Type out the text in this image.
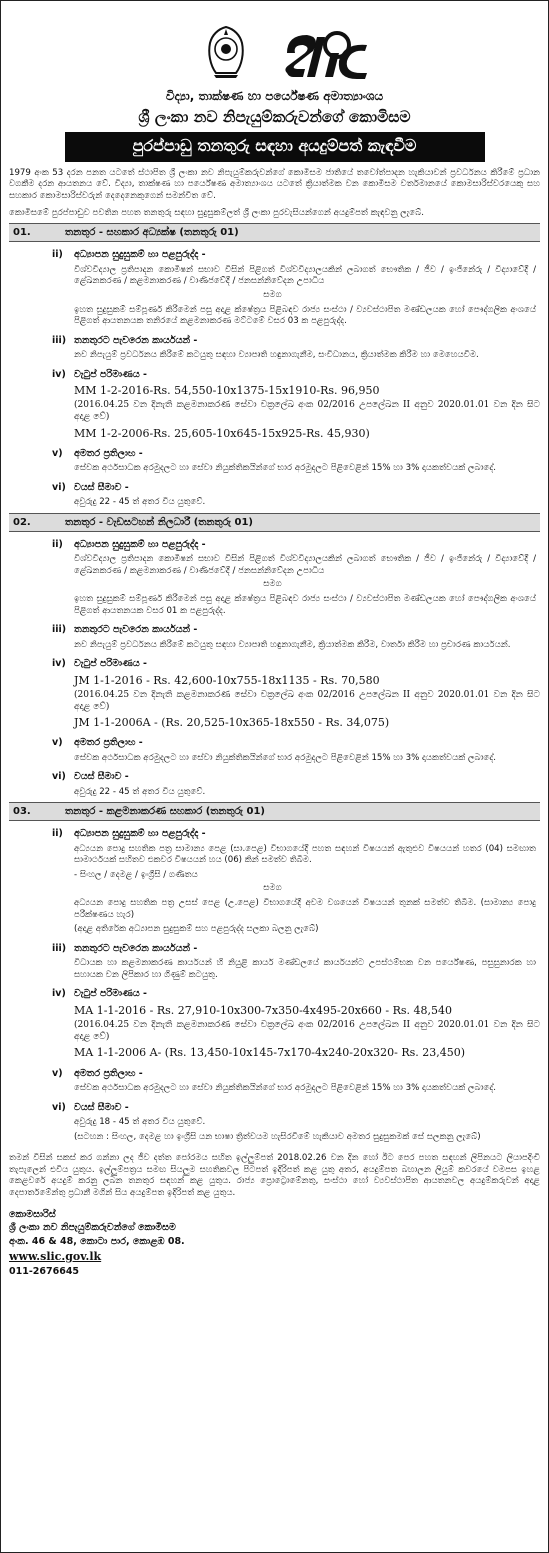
විද්‍යා, තාක්ෂණ හා පර්යේෂණ අමාත්‍යාංශය
ශ්‍රී ලංකා නව නිපැයුම්කරුවන්ගේ කොමිසම
පුරප්පාඩු තනතුරු සඳහා අයදුම්පත් කැඳවීම
1979 අංක 53 දරන පනත යටතේ ස්ථාපිත ශ්‍රී ලංකා නව නිපැයුම්කරුවන්ගේ කොමිසම ජාතියේ තවෝත්පාදන හැකියාවන් ප්‍රවර්ධනය කිරීමේ ප්‍රධාන වගකීම දරන ආයතනය වේ. විද්‍යා, තාක්ෂණ හා පර්යේෂණ අමාත්‍යාංශය යටතේ ක්‍රියාත්මක වන කොමිසම වර්තමානයේ කොමසාරිස්වරයෙකු සහ සහකාර කොමසාරිස්වරුන් දෙදෙනෙකුගෙන් සමන්විත වේ.
කොමිසමේ පුරප්පාඩුව පවතින පහත තනතුරු සඳහා සුදුසුකම්ලත් ශ්‍රී ලංකා පුරවැසියන්ගෙන් අයදුම්පත් කැඳවනු ලැබේ.
01.	තනතුර - සහකාර අධ්‍යක්ෂ (තනතුරු 01)
ii)	අධ්‍යාපන සුදුසුකම් හා පළපුරුද්ද -
විශ්වවිද්‍යාල ප්‍රතිපාදන කොමිෂන් සභාව විසින් පිළිගත් විශ්වවිද්‍යාලයකින් ලබාගත් භෞතික / ජීව / ඉංජිනේරු / විද්‍යාවේදී / ළේඛනකරණ / කළමනාකරණ / වාණිජවේදී / ජනසන්නිවේදන උපාධිය
සමග
ඉහත සුදුසුකම් සම්පූර්ණ කිරීමෙන් පසු අදාළ ක්ෂේත්‍රය පිළිබඳව රාජ්‍ය සංස්ථා / ව්‍යවස්ථාපිත මණ්ඩලයක හෝ පෞද්ගලික අංශයේ පිළිගත් ආයතනයක තනිරයේ කළමනාකරණ මට්ටමේ වසර 03 ක පළපුරුද්ද.
iii) තනතුරට පැවරෙන කාර්යයන් -
නව නිපැයුම් ප්‍රවර්ධනය කිරීමේ කටයුතු සඳහා ව්‍යාපෘති හඳුනාගැනීම, සංවිධානය, ක්‍රියාත්මක කිරීම හා මෙහෙයවීම.
iv) වැටුප් පරිමාණය -
MM 1-2-2016-Rs. 54,550-10x1375-15x1910-Rs. 96,950
(2016.04.25 වන දිනැති කළමනාකරණ සේවා චක්‍රලේඛ අංක 02/2016 උපලේඛන II අනුව 2020.01.01 වන දින සිට අදාළ වේ)
MM 1-2-2006-Rs. 25,605-10x645-15x925-Rs. 45,930)
v)	අමතර ප්‍රතිලාභ -
සේවක අර්ථසාධක අරමුදලට හා සේවා නියුක්තිකයින්ගේ භාර අරමුදලට පිළිවෙළින් 15% හා 3% දායකත්වයක් ලබාදේ.
vi) වයස් සීමාව -
අවුරුදු 22 - 45 ත් අතර විය යුතුවේ.
02.	තනතුර - වැඩසටහන් නිලධාරී (තනතුරු 01)
ii)	අධ්‍යාපන සුදුසුකම් හා පළපුරුද්ද -
විශ්වවිද්‍යාල ප්‍රතිපාදන කොමිෂන් සභාව විසින් පිළිගත් විශ්වවිද්‍යාලයකින් ලබාගත් භෞතික / ජීව / ඉංජිනේරු / විද්‍යාවේදී / ළේඛනකරණ / කළමනාකරණ / වාණිජවේදී / ජනසන්නිවේදන උපාධිය
සමග
ඉහත සුදුසුකම් සම්පූර්ණ කිරීමෙන් පසු අදාළ ක්ෂේත්‍රය පිළිබඳව රාජ්‍ය සංස්ථා / ව්‍යවස්ථාපිත මණ්ඩලයක හෝ පෞද්ගලික අංශයේ පිළිගත් ආයතනයක වසර 01 ක පළපුරුද්ද.
iii) තනතුරට පැවරෙන කාර්යයන් -
නව නිපැයුම් ප්‍රවර්ධනය කිරීමේ කටයුතු සඳහා ව්‍යාපෘති හඳුනාගැනීම, ක්‍රියාත්මක කිරීම, වාර්තා කිරීම හා ප්‍රචාරණ කාර්යයන්.
iv) වැටුප් පරිමාණය -
JM 1-1-2016 - Rs. 42,600-10x755-18x1135 - Rs. 70,580
(2016.04.25 වන දිනැති කළමනාකරණ සේවා චක්‍රලේඛ අංක 02/2016 උපලේඛන II අනුව 2020.01.01 වන දින සිට අදාළ වේ)
JM 1-1-2006A - (Rs. 20,525-10x365-18x550 - Rs. 34,075)
v)	අමතර ප්‍රතිලාභ -
සේවක අර්ථසාධක අරමුදලට හා සේවා නියුක්තිකයින්ගේ භාර අරමුදලට පිළිවෙළින් 15% හා 3% දායකත්වයක් ලබාදේ.
vi) වයස් සීමාව -
අවුරුදු 22 - 45 ත් අතර විය යුතුවේ.
03.	තනතුර - කළමනාකරණ සහකාර (තනතුරු 01)
ii)	අධ්‍යාපන සුදුසුකම් හා පළපුරුද්ද -
අධ්‍යයන පොදු සහතික පත්‍ර සාමාන්‍ය පෙළ (සා.පෙළ) විභාගයේදී පහත සඳහන් විෂයයන් ඇතුළුව විෂයයන් හතර (04) සමඟාත සාමාර්ථයක් සහිතව එකවර විෂයයන් හය (06) කින් සමත්ව තිබීම.
- සිංහල / දෙමළ / ඉංග්‍රීසි / ගණිතය
සමග
අධ්‍යයන පොදු සහතික පත්‍ර උසස් පෙළ (උ.පෙළ) විභාගයේදී අවම වශයෙන් විෂයයන් තුනක් සමත්ව තිබීම. (සාමාන්‍ය පොදු පරීක්ෂණය හැර)
(අදාළ අතිරේක අධ්‍යාපන සුදුසුකම් සහ පළපුරුද්ද සලකා බලනු ලැබේ)
iii) තනතුරට පැවරෙන කාර්යයන් -
විධායක හා කළමනාකරණ කාර්යයන් හි නියුළි කාර්ය මණ්ඩලයේ කාර්යයන්ට උපස්ථම්භක වන පර්යේෂණ, පසුසුනාරක හා සහායක වන ලිපිකාර හා ගිණුම් කටයුතු.
iv) වැටුප් පරිමාණය -
MA 1-1-2016 - Rs. 27,910-10x300-7x350-4x495-20x660 - Rs. 48,540
(2016.04.25 වන දිනැති කළමනාකරණ සේවා චක්‍රලේඛ අංක 02/2016 උපලේඛන II අනුව 2020.01.01 වන දින සිට අදාළ වේ)
MA 1-1-2006 A- (Rs. 13,450-10x145-7x170-4x240-20x320- Rs. 23,450)
v)	අමතර ප්‍රතිලාභ -
සේවක අර්ථසාධක අරමුදලට හා සේවා නියුක්තිකයින්ගේ භාර අරමුදලට පිළිවෙළින් 15% හා 3% දායකත්වයක් ලබාදේ.
vi) වයස් සීමාව -
අවුරුදු 18 - 45 ත් අතර විය යුතුවේ.
(සටහන : සිංහල, දෙමළ හා ඉංග්‍රීසි යන භාෂා ත්‍රිත්වයම හැසිරවීමේ හැකියාව අමතර සුදුසුකමක් සේ සලකනු ලැබේ)
තමන් විසින් සකස් කර ගන්නා ලද ජීව දත්ත පෝරමය සහිත ඉල්ලුම්පත් 2018.02.26 වන දින හෝ ඊට පෙර පහත සඳහන් ලිපිනයට ලියාපදිංචි තැපැලෙන් එවිය යුතුය. ඉල්ලුම්පත්‍රය සමඟ සියලුම සහතිකවල පිටපත් ඉදිරිපත් කළ යුතු අතර, අයදුම්පත බහාලන ලියුම් කවරයේ වමපස ඉහළ කෙළවරේ අයදුම් කරනු ලබන තනතුර සඳහන් කළ යුතුය. රාජ්‍ය ප්‍රොට්‍රොමේනතු, සංස්ථා හෝ ව්‍යවස්ථාපිත ආයතනවල අයදුම්කරුවන් අදාළ දෙපාර්තමේන්තු ප්‍රධානී මගින් සිය අයදුම්පත ඉදිරිපත් කළ යුතුය.
කොමසාරිස්
ශ්‍රී ලංකා නව නිපැයුම්කරුවන්ගේ කොමිසම
අංක. 46 & 48, කොටා පාර, කොළඹ 08.
www.slic.gov.lk
011-2676645
